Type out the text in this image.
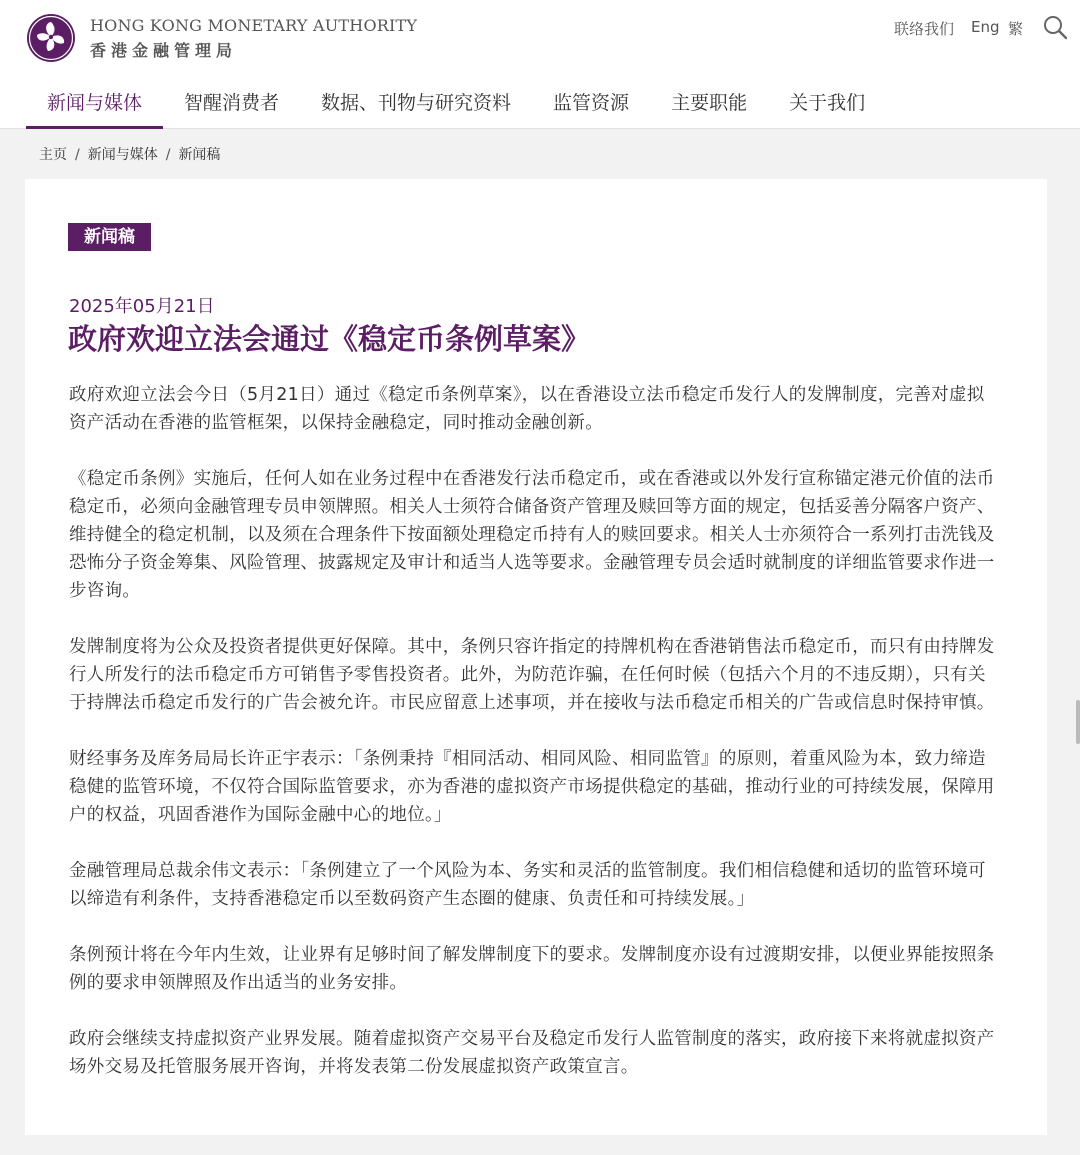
HONG KONG MONETARY AUTHORITY
香港金融管理局
联络我们 Eng 繁
新闻与媒体	智醒消费者	数据、刊物与研究资料	监管资源	主要职能	关于我们
主页 / 新闻与媒体 / 新闻稿
新闻稿
2025年05月21日
政府欢迎立法会通过《稳定币条例草案》

政府欢迎立法会今日（5月21日）通过《稳定币条例草案》，以在香港设立法币稳定币发行人的发牌制度，完善对虚拟资产活动在香港的监管框架，以保持金融稳定，同时推动金融创新。

《稳定币条例》实施后，任何人如在业务过程中在香港发行法币稳定币，或在香港或以外发行宣称锚定港元价值的法币稳定币，必须向金融管理专员申领牌照。相关人士须符合储备资产管理及赎回等方面的规定，包括妥善分隔客户资产、维持健全的稳定机制，以及须在合理条件下按面额处理稳定币持有人的赎回要求。相关人士亦须符合一系列打击洗钱及恐怖分子资金筹集、风险管理、披露规定及审计和适当人选等要求。金融管理专员会适时就制度的详细监管要求作进一步咨询。

发牌制度将为公众及投资者提供更好保障。其中，条例只容许指定的持牌机构在香港销售法币稳定币，而只有由持牌发行人所发行的法币稳定币方可销售予零售投资者。此外，为防范诈骗，在任何时候（包括六个月的不违反期），只有关于持牌法币稳定币发行的广告会被允许。市民应留意上述事项，并在接收与法币稳定币相关的广告或信息时保持审慎。

财经事务及库务局局长许正宇表示：「条例秉持『相同活动、相同风险、相同监管』的原则，着重风险为本，致力缔造稳健的监管环境，不仅符合国际监管要求，亦为香港的虚拟资产市场提供稳定的基础，推动行业的可持续发展，保障用户的权益，巩固香港作为国际金融中心的地位。」

金融管理局总裁余伟文表示：「条例建立了一个风险为本、务实和灵活的监管制度。我们相信稳健和适切的监管环境可以缔造有利条件，支持香港稳定币以至数码资产生态圈的健康、负责任和可持续发展。」

条例预计将在今年内生效，让业界有足够时间了解发牌制度下的要求。发牌制度亦设有过渡期安排，以便业界能按照条例的要求申领牌照及作出适当的业务安排。

政府会继续支持虚拟资产业界发展。随着虚拟资产交易平台及稳定币发行人监管制度的落实，政府接下来将就虚拟资产场外交易及托管服务展开咨询，并将发表第二份发展虚拟资产政策宣言。
